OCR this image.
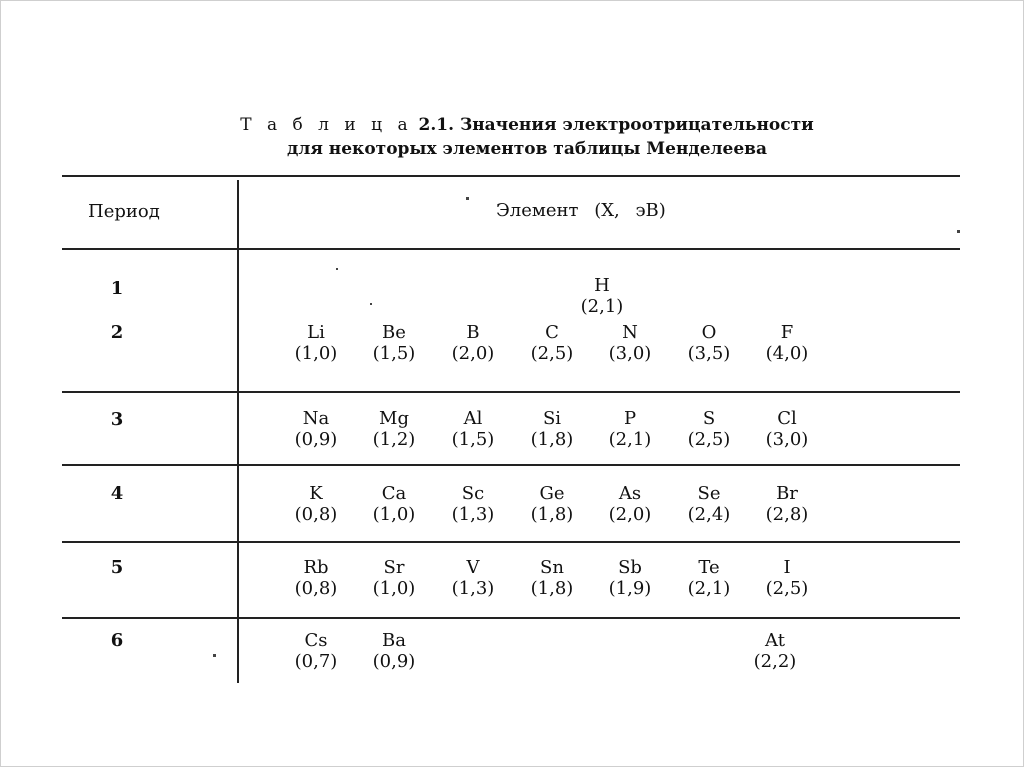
Т а б л и ц а 2.1. Значения электроотрицательности
для некоторых элементов таблицы Менделеева
Период	Элемент (Х, эВ)
1
2
3
4
5
6
H
(2,1)
Li
(1,0)
Be
(1,5)
B
(2,0)
C
(2,5)
N
(3,0)
O
(3,5)
F
(4,0)
Na
(0,9)
Mg
(1,2)
Al
(1,5)
Si
(1,8)
P
(2,1)
S
(2,5)
Cl
(3,0)
K
(0,8)
Ca
(1,0)
Sc
(1,3)
Ge
(1,8)
As
(2,0)
Se
(2,4)
Br
(2,8)
Rb
(0,8)
Sr
(1,0)
V
(1,3)
Sn
(1,8)
Sb
(1,9)
Te
(2,1)
I
(2,5)
Cs
(0,7)
Ba
(0,9)
At
(2,2)
